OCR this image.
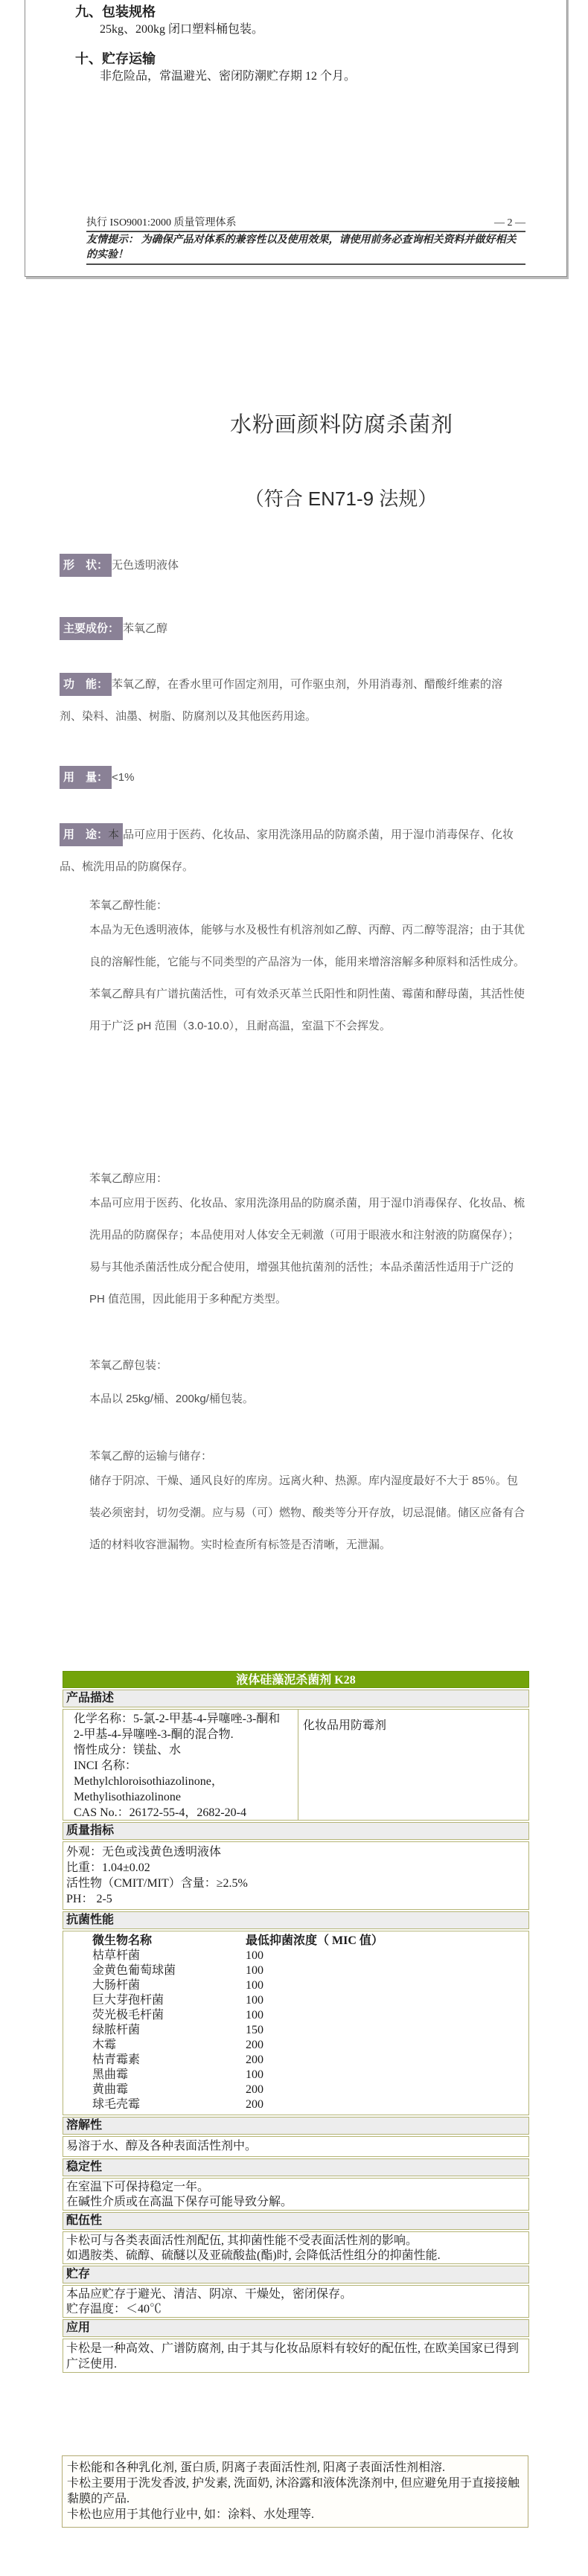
九、包装规格
25kg、200kg 闭口塑料桶包装。
十、贮存运输
非危险品，常温避光、密闭防潮贮存期 12 个月。
执行 ISO9001:2000 质量管理体系	— 2 —
友情提示： 为确保产品对体系的兼容性以及使用效果，请使用前务必查询相关资料并做好相关的实验！
水粉画颜料防腐杀菌剂
（符合 EN71-9 法规）
形　状： 无色透明液体
主要成份： 苯氧乙醇
功　能： 苯氧乙醇，在香水里可作固定剂用，可作驱虫剂，外用消毒剂、醋酸纤维素的溶剂、染料、油墨、树脂、防腐剂以及其他医药用途。
用　量： <1%
用　途：本 品可应用于医药、化妆品、家用洗涤用品的防腐杀菌，用于湿巾消毒保存、化妆品、梳洗用品的防腐保存。
苯氧乙醇性能：
本品为无色透明液体，能够与水及极性有机溶剂如乙醇、丙醇、丙二醇等混溶；由于其优良的溶解性能，它能与不同类型的产品溶为一体，能用来增溶溶解多种原料和活性成分。苯氧乙醇具有广谱抗菌活性，可有效杀灭革兰氏阳性和阴性菌、霉菌和酵母菌，其活性使用于广泛 pH 范围（3.0-10.0），且耐高温，室温下不会挥发。
苯氧乙醇应用：
本品可应用于医药、化妆品、家用洗涤用品的防腐杀菌，用于湿巾消毒保存、化妆品、梳洗用品的防腐保存；本品使用对人体安全无刺激（可用于眼液水和注射液的防腐保存）；易与其他杀菌活性成分配合使用，增强其他抗菌剂的活性；本品杀菌活性适用于广泛的 PH 值范围，因此能用于多种配方类型。
苯氧乙醇包装：
本品以 25kg/桶、200kg/桶包装。
苯氧乙醇的运输与储存：
储存于阴凉、干燥、通风良好的库房。远离火种、热源。库内湿度最好不大于 85％。包装必须密封，切勿受潮。应与易（可）燃物、酸类等分开存放，切忌混储。储区应备有合适的材料收容泄漏物。实时检查所有标签是否清晰，无泄漏。
液体硅藻泥杀菌剂 K28
产品描述
化学名称：5-氯-2-甲基-4-异噻唑-3-酮和
2-甲基-4-异噻唑-3-酮的混合物.
惰性成分：镁盐、水
INCI 名称：
Methylchloroisothiazolinone，
Methylisothiazolinone
CAS No.：26172-55-4，2682-20-4
化妆品用防霉剂
质量指标
外观：无色或浅黄色透明液体
比重：1.04±0.02
活性物（CMIT/MIT）含量：≥2.5%
PH： 2-5
抗菌性能
微生物名称	最低抑菌浓度（ MIC 值）
枯草杆菌	100
金黄色葡萄球菌	100
大肠杆菌	100
巨大芽孢杆菌	100
荧光极毛杆菌	100
绿脓杆菌	150
木霉	200
枯青霉素	200
黑曲霉	100
黄曲霉	200
球毛壳霉	200
溶解性
易溶于水、醇及各种表面活性剂中。
稳定性
在室温下可保持稳定一年。
在碱性介质或在高温下保存可能导致分解。
配伍性
卡松可与各类表面活性剂配伍, 其抑菌性能不受表面活性剂的影响。
如遇胺类、硫醇、硫醚以及亚硫酸盐(酯)时, 会降低活性组分的抑菌性能.
贮存
本品应贮存于避光、清洁、阴凉、干燥处，密闭保存。
贮存温度：＜40℃
应用
卡松是一种高效、广谱防腐剂, 由于其与化妆品原料有较好的配伍性, 在欧美国家已得到广泛使用.
卡松能和各种乳化剂, 蛋白质, 阴离子表面活性剂, 阳离子表面活性剂相溶.
卡松主要用于洗发香波, 护发素, 洗面奶, 沐浴露和液体洗涤剂中, 但应避免用于直接接触黏膜的产品.
卡松也应用于其他行业中, 如：涂料、水处理等.
